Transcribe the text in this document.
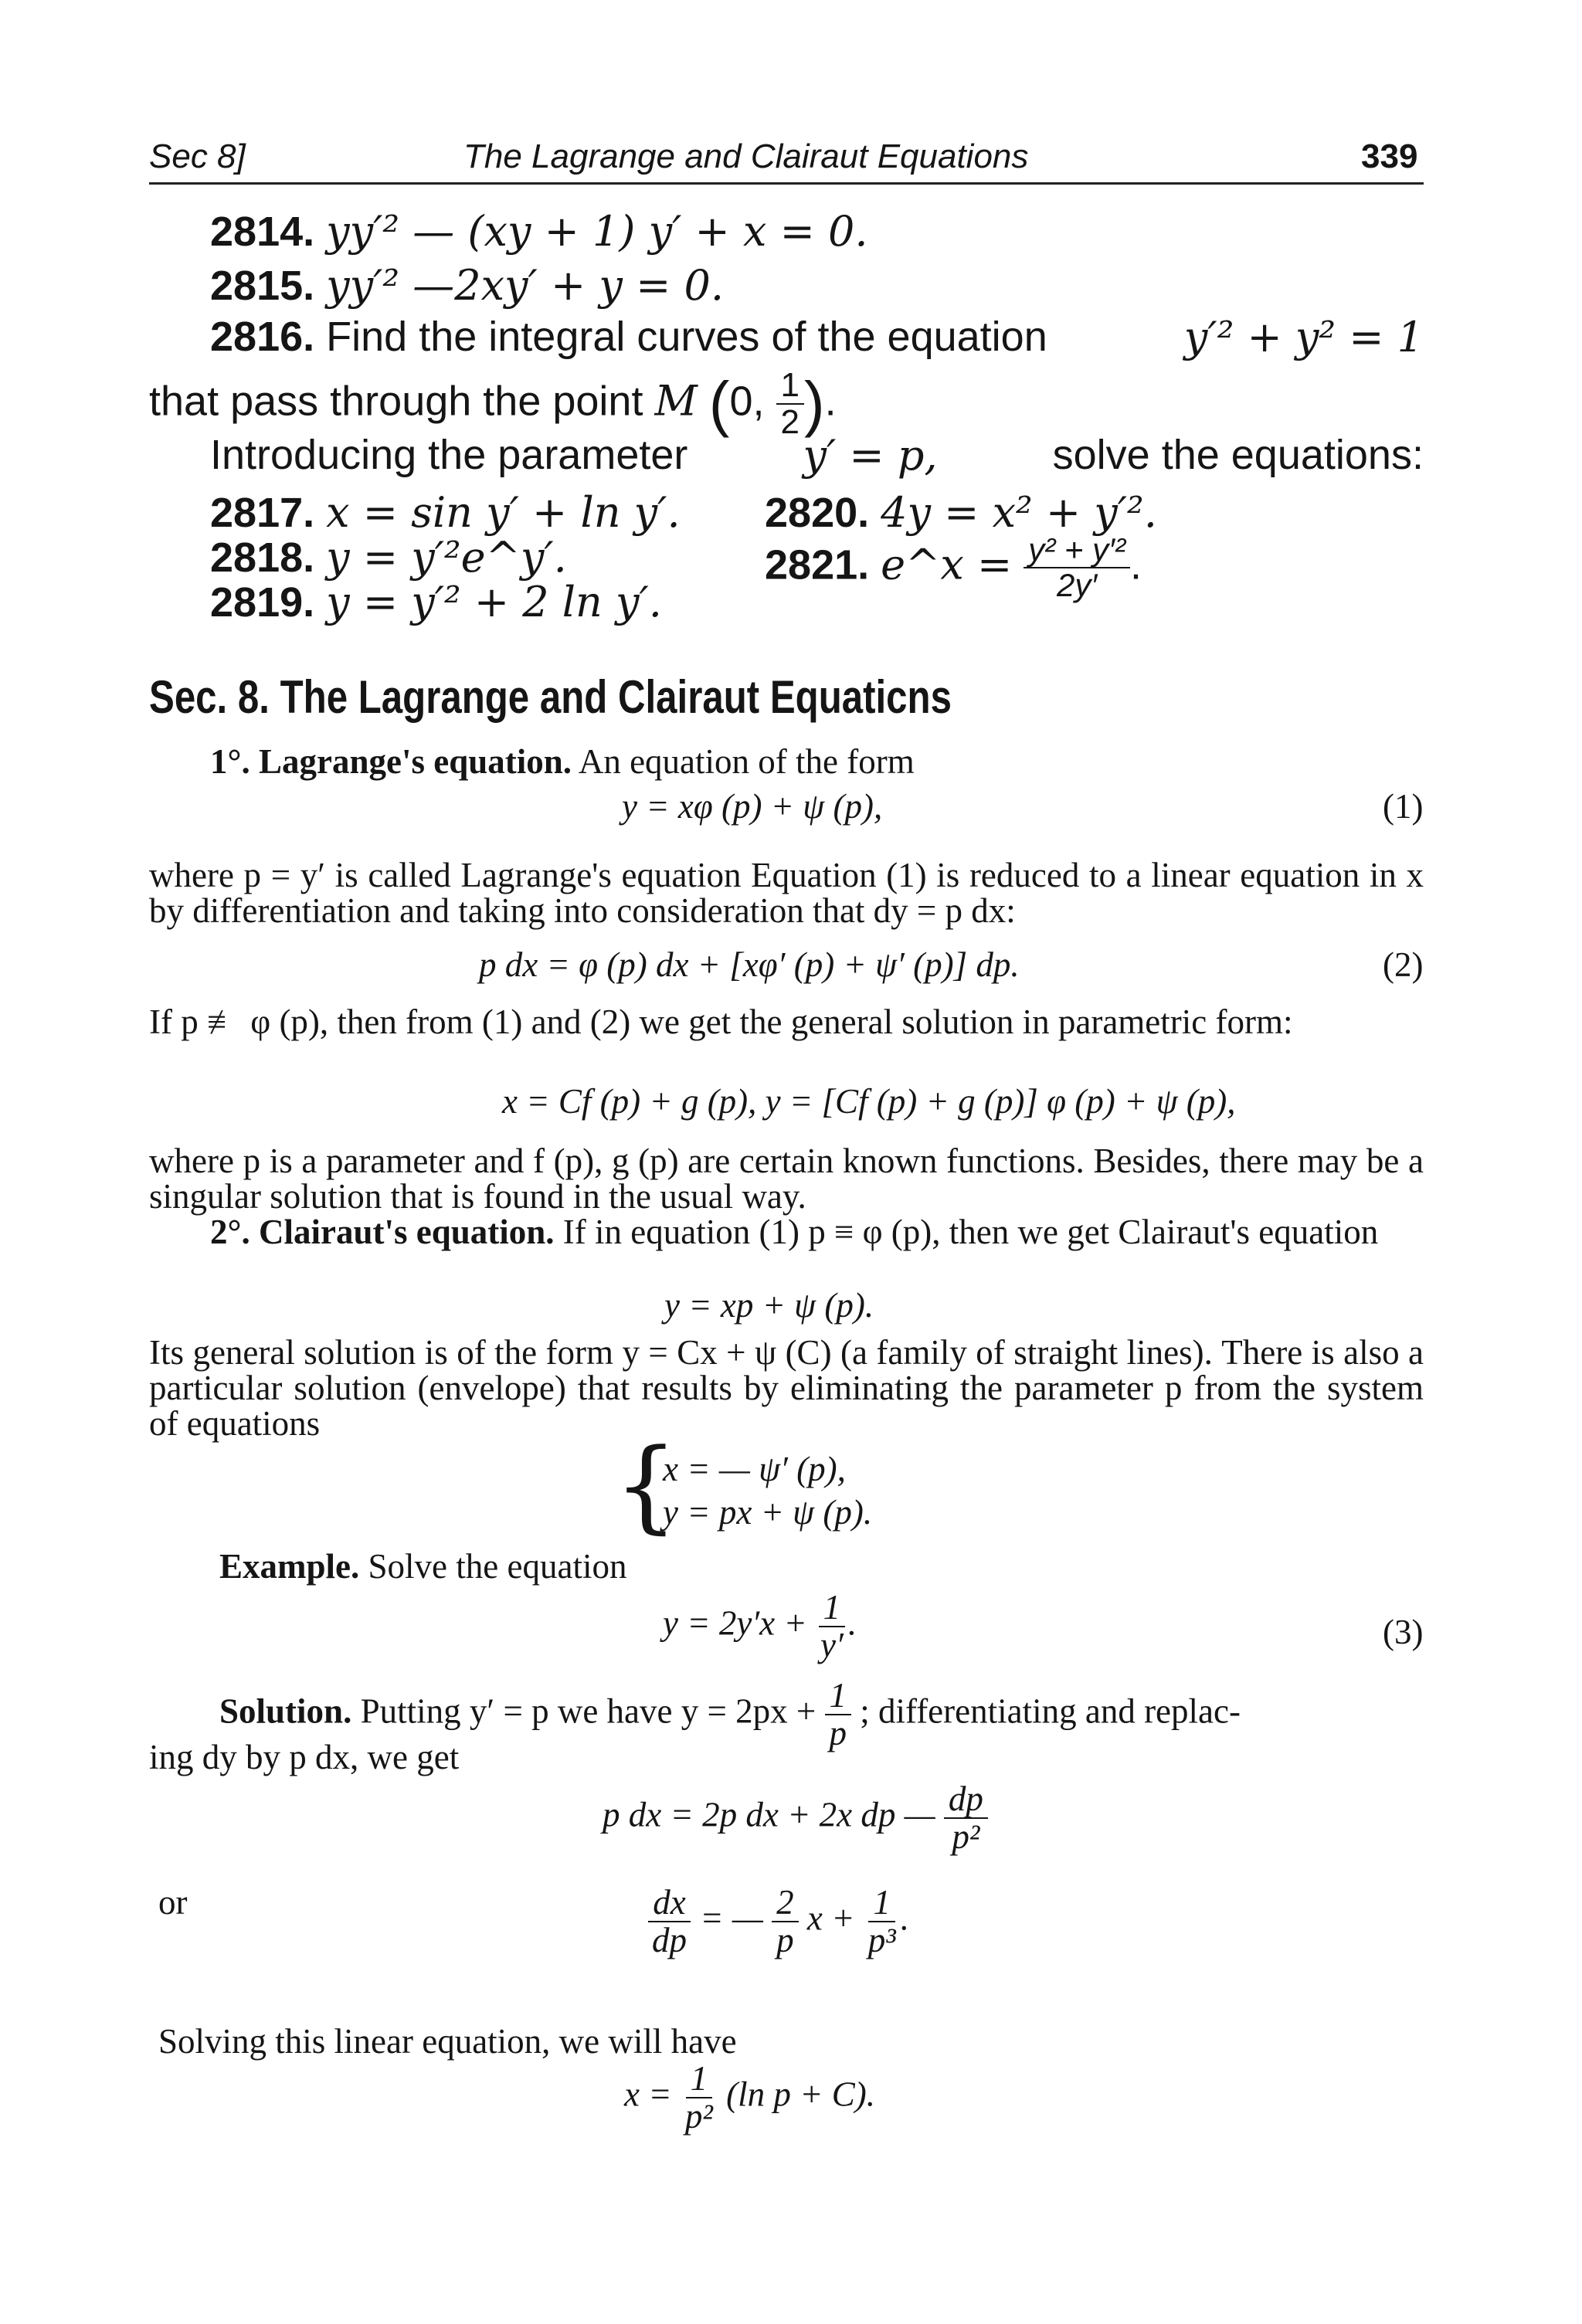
Sec 8]	The Lagrange and Clairaut Equations	339
2814. yy′² — (xy + 1) y′ + x = 0.
2815. yy′² —2xy′ + y = 0.
2816. Find the integral curves of the equation	y′² + y² = 1
that pass through the point M (0, $\frac{1}{2}$ ).
Introducing the parameter	y′ = p,	solve the equations:
2817. x = sin y′ + ln y′.
2818. y = y′²e^y′.
2819. y = y′² + 2 ln y′.
2820. 4y = x² + y′².
2821. e^x = $\frac{\text{y² + y′²}}{2y'}$ .
Sec. 8. The Lagrange and Clairaut Equaticns
1°. Lagrange's equation. An equation of the form
y = xφ (p) + ψ (p),	(1)
where p = y′ is called Lagrange's equation Equation (1) is reduced to a linear equation in x by differentiation and taking into consideration that dy = p dx:
p dx = φ (p) dx + [xφ′ (p) + ψ′ (p)] dp.	(2)
If p ≢ φ (p), then from (1) and (2) we get the general solution in parametric form:
x = Cf (p) + g (p), y = [Cf (p) + g (p)] φ (p) + ψ (p),
where p is a parameter and f (p), g (p) are certain known functions. Besides, there may be a singular solution that is found in the usual way.
2°. Clairaut's equation. If in equation (1) p ≡ φ (p), then we get Clairaut's equation
y = xp + ψ (p).
Its general solution is of the form y = Cx + ψ (C) (a family of straight lines). There is also a particular solution (envelope) that results by eliminating the parameter p from the system of equations
{
x = — ψ′ (p),
y = px + ψ (p).
Example. Solve the equation
$y = 2y'x + \frac{1}{y'}$ .	(3)
Solution. Putting y′ = p we have $y = 2px + \frac{1}{p}$ ; differentiating and replac-
ing dy by p dx, we get
p dx = 2p dx + 2x dp — $\frac{dp}{\text{p²}}$
or	$\frac{dx}{dp}$ = — $\frac{2}{p}$ $x + \frac{1}{\text{p³}}$ .
Solving this linear equation, we will have
$x = \frac{1}{\text{p²}} (\ln$ p + C).
